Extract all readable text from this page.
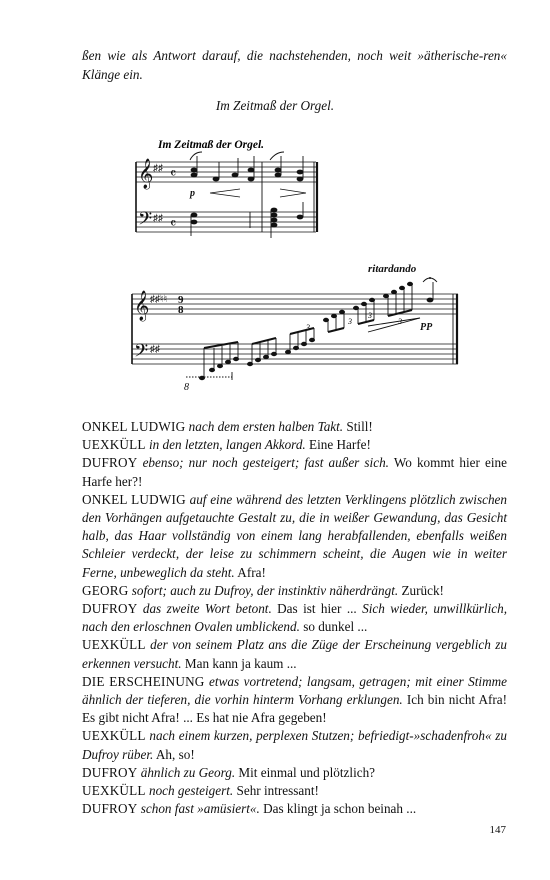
ßen wie als Antwort darauf, die nachstehenden, noch weit »ätherische-ren« Klänge ein.
Im Zeitmaß der Orgel.
Im Zeitmaß der Orgel.
𝄞
𝄢
♯♯
♯♯
𝄴
𝄴
p
ritardando
𝄞
𝄢
♯♯♮♮
♯♯
9
8
8
3
3
3
3
PP

ONKEL LUDWIG nach dem ersten halben Takt. Still!

UEXKÜLL in den letzten, langen Akkord. Eine Harfe!

DUFROY ebenso; nur noch gesteigert; fast außer sich. Wo kommt hier eine Harfe her?!

ONKEL LUDWIG auf eine während des letzten Verklingens plötzlich zwischen den Vorhängen aufgetauchte Gestalt zu, die in weißer Gewandung, das Gesicht halb, das Haar vollständig von einem lang herabfallenden, ebenfalls weißen Schleier verdeckt, der leise zu schimmern scheint, die Augen wie in weiter Ferne, unbeweglich da steht. Afra!

GEORG sofort; auch zu Dufroy, der instinktiv näherdrängt. Zurück!

DUFROY das zweite Wort betont. Das ist hier ... Sich wieder, unwillkürlich, nach den erloschnen Ovalen umblickend. so dunkel ...

UEXKÜLL der von seinem Platz ans die Züge der Erscheinung vergeblich zu erkennen versucht. Man kann ja kaum ...

DIE ERSCHEINUNG etwas vortretend; langsam, getragen; mit einer Stimme ähnlich der tieferen, die vorhin hinterm Vorhang erklungen. Ich bin nicht Afra! Es gibt nicht Afra! ... Es hat nie Afra gegeben!

UEXKÜLL nach einem kurzen, perplexen Stutzen; befriedigt-»schadenfroh« zu Dufroy rüber. Ah, so!

DUFROY ähnlich zu Georg. Mit einmal und plötzlich?

UEXKÜLL noch gesteigert. Sehr intressant!

DUFROY schon fast »amüsiert«. Das klingt ja schon beinah ...

147
